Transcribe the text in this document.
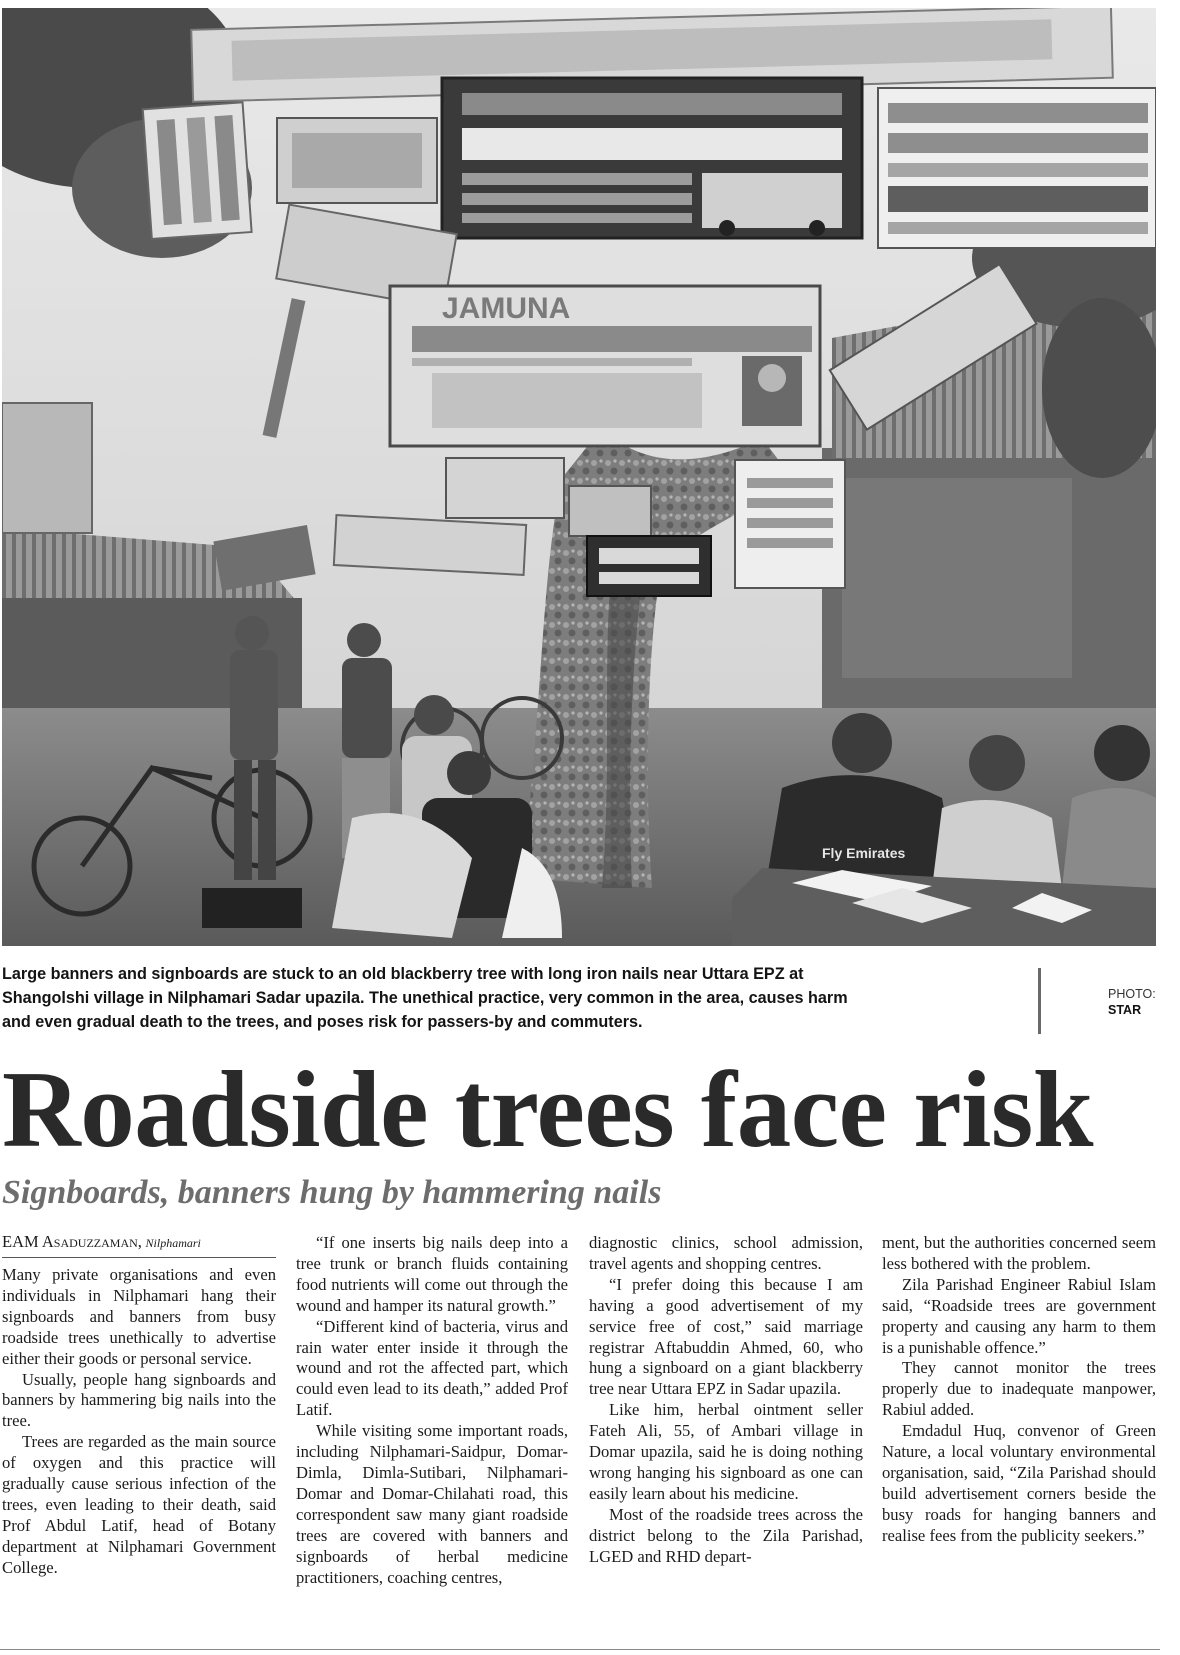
JAMUNA
Fly Emirates
Large banners and signboards are stuck to an old blackberry tree with long iron nails near Uttara EPZ at Shangolshi village in Nilphamari Sadar upazila. The unethical practice, very common in the area, causes harm and even gradual death to the trees, and poses risk for passers-by and commuters.
PHOTO:
STAR
Roadside trees face risk
Signboards, banners hung by hammering nails
EAM Asaduzzaman, Nilphamari

Many private organisations and even individuals in Nilphamari hang their signboards and banners from busy roadside trees unethically to advertise either their goods or personal service.

Usually, people hang signboards and banners by hammering big nails into the tree.

Trees are regarded as the main source of oxygen and this practice will gradually cause serious infection of the trees, even leading to their death, said Prof Abdul Latif, head of Botany department at Nilphamari Government College.

“If one inserts big nails deep into a tree trunk or branch fluids containing food nutrients will come out through the wound and hamper its natural growth.”

“Different kind of bacteria, virus and rain water enter inside it through the wound and rot the affected part, which could even lead to its death,” added Prof Latif.

While visiting some important roads, including Nilphamari-Saidpur, Domar-Dimla, Dimla-Sutibari, Nilphamari-Domar and Domar-Chilahati road, this correspondent saw many giant roadside trees are covered with banners and signboards of herbal medicine practitioners, coaching centres,

diagnostic clinics, school admission, travel agents and shopping centres.

“I prefer doing this because I am having a good advertisement of my service free of cost,” said marriage registrar Aftabuddin Ahmed, 60, who hung a signboard on a giant blackberry tree near Uttara EPZ in Sadar upazila.

Like him, herbal ointment seller Fateh Ali, 55, of Ambari village in Domar upazila, said he is doing nothing wrong hanging his signboard as one can easily learn about his medicine.

Most of the roadside trees across the district belong to the Zila Parishad, LGED and RHD depart-

ment, but the authorities concerned seem less bothered with the problem.

Zila Parishad Engineer Rabiul Islam said, “Roadside trees are government property and causing any harm to them is a punishable offence.”

They cannot monitor the trees properly due to inadequate manpower, Rabiul added.

Emdadul Huq, convenor of Green Nature, a local voluntary environmental organisation, said, “Zila Parishad should build advertisement corners beside the busy roads for hanging banners and realise fees from the publicity seekers.”
